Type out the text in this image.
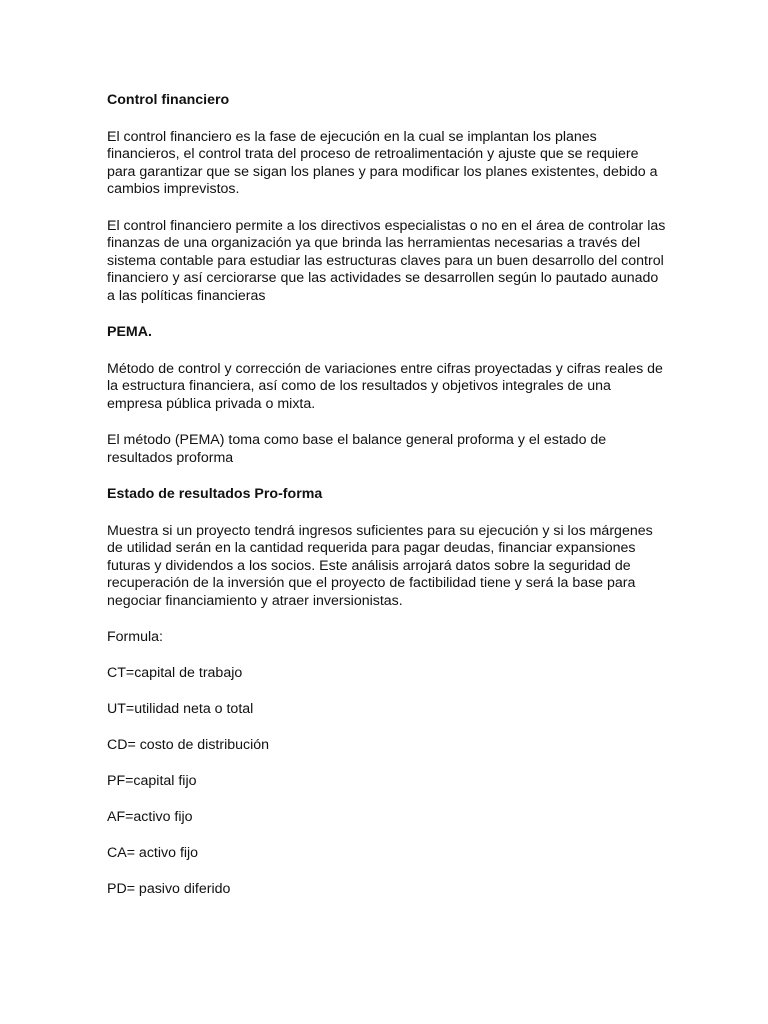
Control financiero
El control financiero es la fase de ejecución en la cual se implantan los planes financieros, el control trata del proceso de retroalimentación y ajuste que se requiere para garantizar que se sigan los planes y para modificar los planes existentes, debido a cambios imprevistos.
El control financiero permite a los directivos especialistas o no en el área de controlar las finanzas de una organización ya que brinda las herramientas necesarias a través del sistema contable para estudiar las estructuras claves para un buen desarrollo del control financiero y así cerciorarse que las actividades se desarrollen según lo pautado aunado a las políticas financieras
PEMA.
Método de control y corrección de variaciones entre cifras proyectadas y cifras reales de la estructura financiera, así como de los resultados y objetivos integrales de una empresa pública privada o mixta.
El método (PEMA) toma como base el balance general proforma y el estado de resultados proforma
Estado de resultados Pro-forma
Muestra si un proyecto tendrá ingresos suficientes para su ejecución y si los márgenes de utilidad serán en la cantidad requerida para pagar deudas, financiar expansiones futuras y dividendos a los socios. Este análisis arrojará datos sobre la seguridad de recuperación de la inversión que el proyecto de factibilidad tiene y será la base para negociar financiamiento y atraer inversionistas.
Formula:
CT=capital de trabajo
UT=utilidad neta o total
CD= costo de distribución
PF=capital fijo
AF=activo fijo
CA= activo fijo
PD= pasivo diferido
